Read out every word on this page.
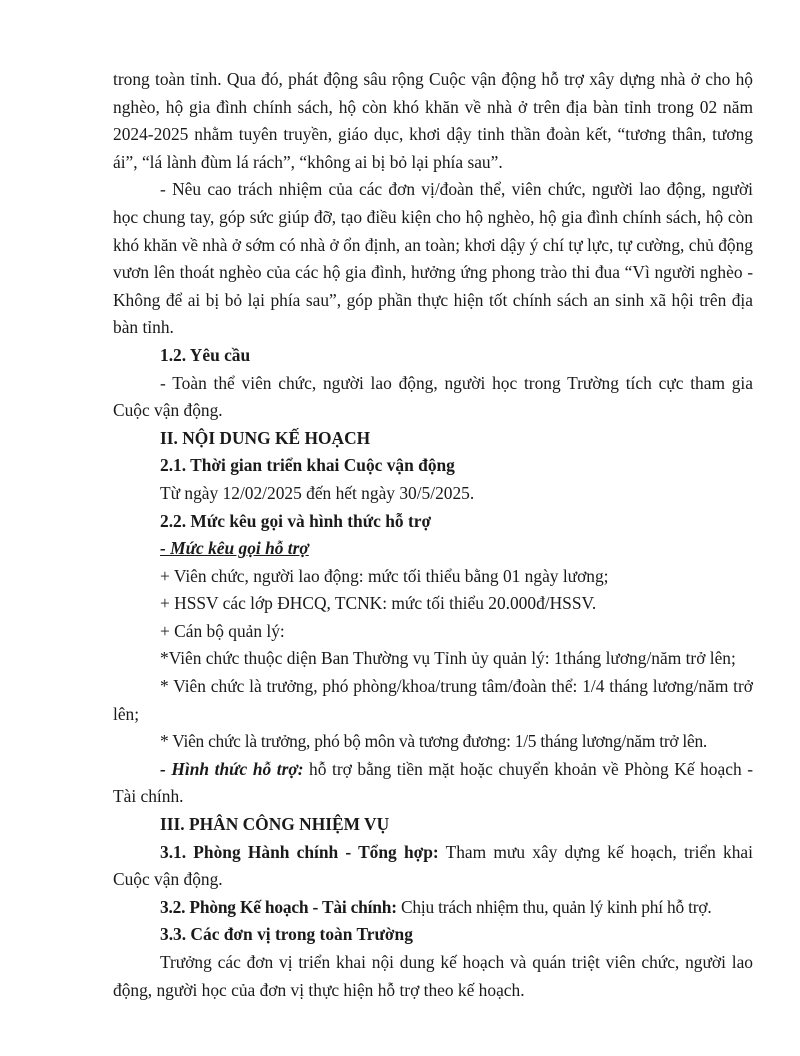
trong toàn tỉnh. Qua đó, phát động sâu rộng Cuộc vận động hỗ trợ xây dựng nhà ở cho hộ nghèo, hộ gia đình chính sách, hộ còn khó khăn về nhà ở trên địa bàn tỉnh trong 02 năm 2024-2025 nhằm tuyên truyền, giáo dục, khơi dậy tinh thần đoàn kết, “tương thân, tương ái”, “lá lành đùm lá rách”, “không ai bị bỏ lại phía sau”.

- Nêu cao trách nhiệm của các đơn vị/đoàn thể, viên chức, người lao động, người học chung tay, góp sức giúp đỡ, tạo điều kiện cho hộ nghèo, hộ gia đình chính sách, hộ còn khó khăn về nhà ở sớm có nhà ở ổn định, an toàn; khơi dậy ý chí tự lực, tự cường, chủ động vươn lên thoát nghèo của các hộ gia đình, hưởng ứng phong trào thi đua “Vì người nghèo - Không để ai bị bỏ lại phía sau”, góp phần thực hiện tốt chính sách an sinh xã hội trên địa bàn tỉnh.

1.2. Yêu cầu

- Toàn thể viên chức, người lao động, người học trong Trường tích cực tham gia Cuộc vận động.

II. NỘI DUNG KẾ HOẠCH

2.1. Thời gian triển khai Cuộc vận động

Từ ngày 12/02/2025 đến hết ngày 30/5/2025.

2.2. Mức kêu gọi và hình thức hỗ trợ

- Mức kêu gọi hỗ trợ

+ Viên chức, người lao động: mức tối thiểu bằng 01 ngày lương;

+ HSSV các lớp ĐHCQ, TCNK: mức tối thiểu 20.000đ/HSSV.

+ Cán bộ quản lý:

*Viên chức thuộc diện Ban Thường vụ Tỉnh ủy quản lý: 1tháng lương/năm trở lên;

* Viên chức là trưởng, phó phòng/khoa/trung tâm/đoàn thể: 1/4 tháng lương/năm trở lên;

* Viên chức là trưởng, phó bộ môn và tương đương: 1/5 tháng lương/năm trở lên.

- Hình thức hỗ trợ: hỗ trợ bằng tiền mặt hoặc chuyển khoản về Phòng Kế hoạch - Tài chính.

III. PHÂN CÔNG NHIỆM VỤ

3.1. Phòng Hành chính - Tổng hợp: Tham mưu xây dựng kế hoạch, triển khai Cuộc vận động.

3.2. Phòng Kế hoạch - Tài chính: Chịu trách nhiệm thu, quản lý kinh phí hỗ trợ.

3.3. Các đơn vị trong toàn Trường

Trưởng các đơn vị triển khai nội dung kế hoạch và quán triệt viên chức, người lao động, người học của đơn vị thực hiện hỗ trợ theo kế hoạch.
